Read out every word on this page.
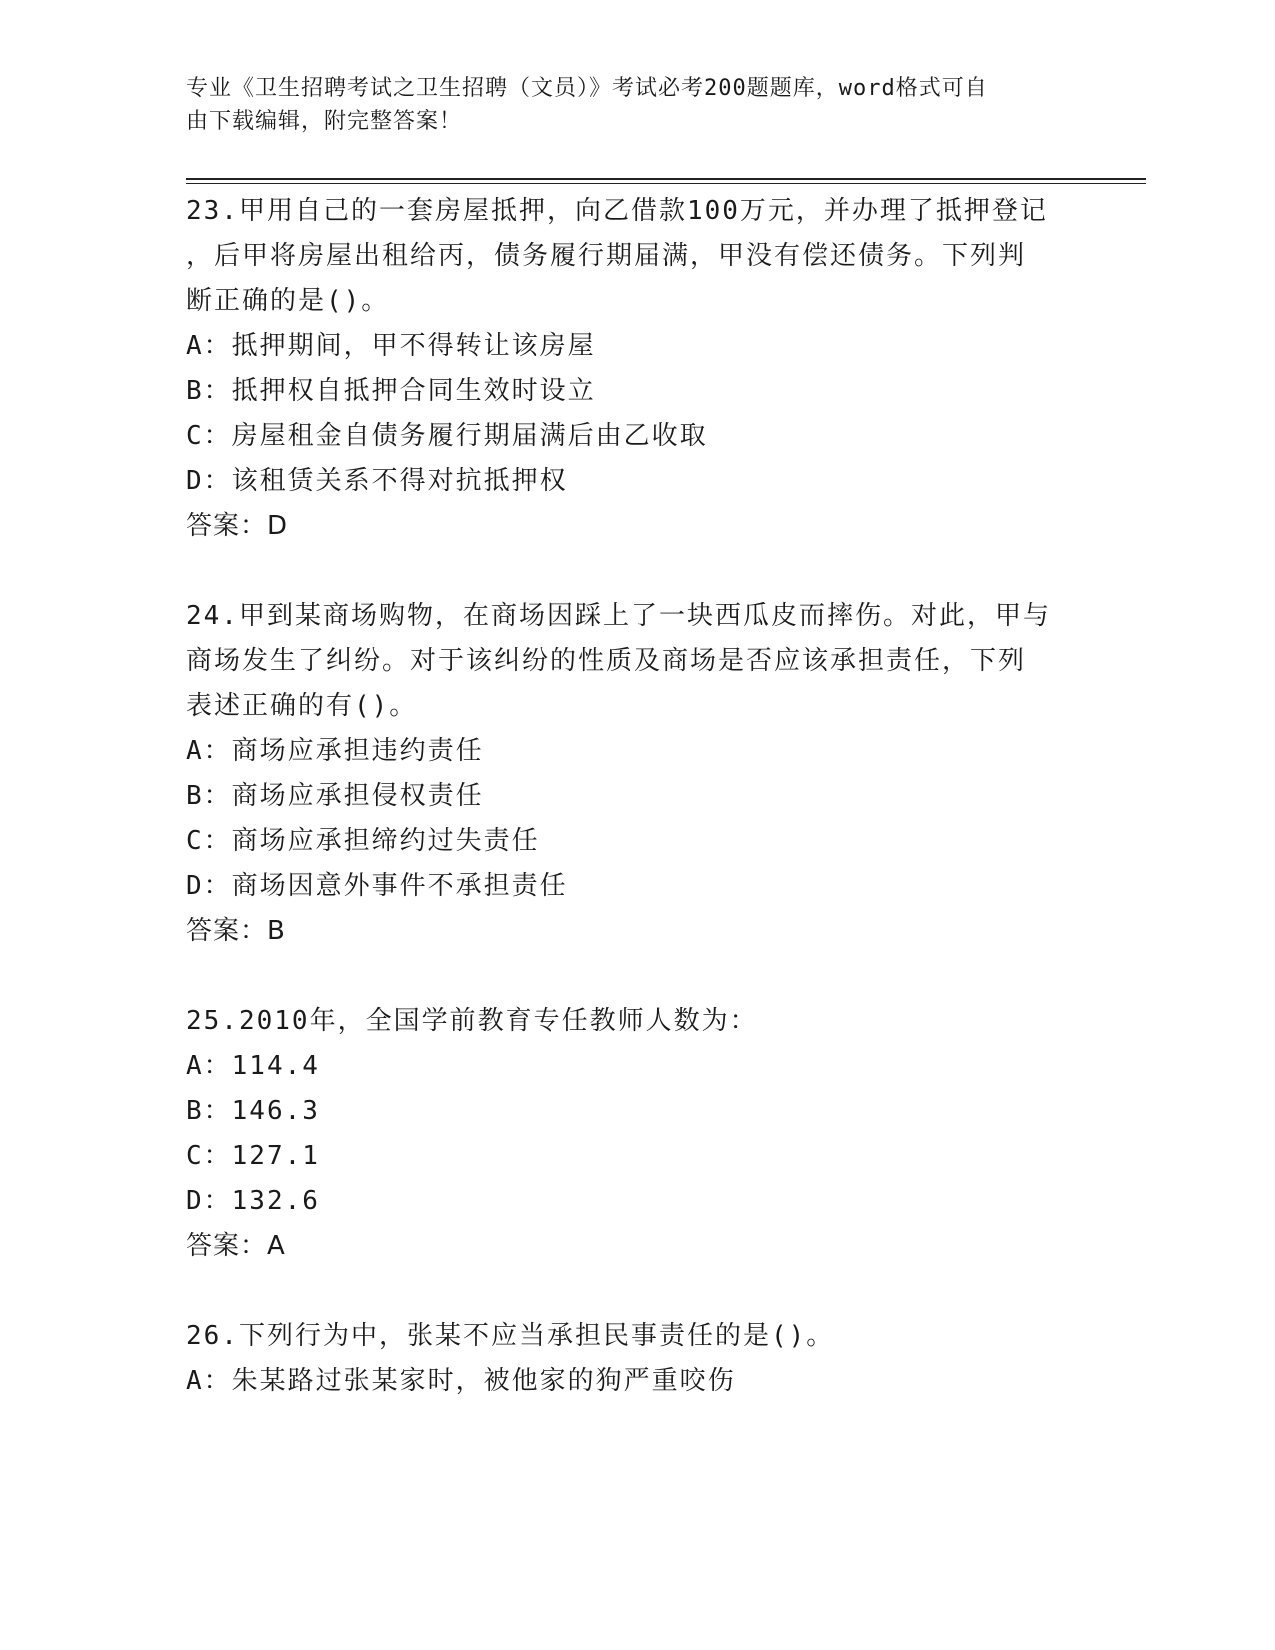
专业《卫生招聘考试之卫生招聘（文员）》考试必考200题题库，word格式可自
由下载编辑，附完整答案！
23.甲用自己的一套房屋抵押，向乙借款100万元，并办理了抵押登记
，后甲将房屋出租给丙，债务履行期届满，甲没有偿还债务。下列判
断正确的是()。
A：抵押期间，甲不得转让该房屋
B：抵押权自抵押合同生效时设立
C：房屋租金自债务履行期届满后由乙收取
D：该租赁关系不得对抗抵押权
答案：D
24.甲到某商场购物，在商场因踩上了一块西瓜皮而摔伤。对此，甲与
商场发生了纠纷。对于该纠纷的性质及商场是否应该承担责任，下列
表述正确的有()。
A：商场应承担违约责任
B：商场应承担侵权责任
C：商场应承担缔约过失责任
D：商场因意外事件不承担责任
答案：B
25.2010年，全国学前教育专任教师人数为：
A：114.4
B：146.3
C：127.1
D：132.6
答案：A
26.下列行为中，张某不应当承担民事责任的是()。
A：朱某路过张某家时，被他家的狗严重咬伤
